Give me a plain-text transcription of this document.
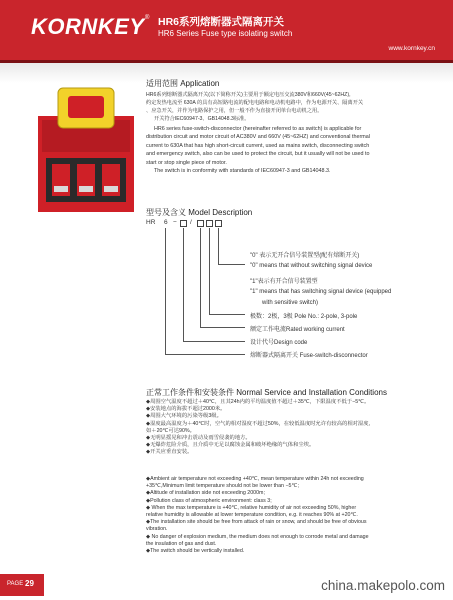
KORNKEY ® HR6系列熔断器式隔离开关
HR6 Series Fuse type isolating switch
www.kornkey.cn
适用范围 Application
HR6系列熔断器式隔离开关(以下简称开关)主要用于额定电压交流380V和660V(45~62HZ),
约定发热电流至 630A 的具有高短路电流的配电电路和电动机电路中，作为电源开关、隔离开关
、应急开关，并作为电路保护之用，但一般不作为直接开闭单台电动机之用。
开关符合IEC60947-3、GB14048.3标准。
HR6 series fuse-switch-disconnector (hereinafter referred to as switch) is applicable for
distribution circuit and motor circuit of AC380V and 660V (45~62HZ) and conventional thermal
current to 630A that has high short-circuit current, used as mains switch, disconnecting switch
and emergency switch, also can be used to protect the circuit, but it usually will not be used to
start or stop single piece of motor.
The switch is in conformity with standards of IEC60947-3 and GB14048.3.
型号及含义 Model Description
HR 6 − /
"0" 表示无开合信号装置型(配有熔断开关)
"0" means that without switching signal device
"1"表示有开合信号装置型
"1" means that has switching signal device (equipped
with sensitive switch)
极数：2极，3极 Pole No.: 2-pole, 3-pole
额定工作电流Rated working current
设计代号Design code
熔断器式隔离开关 Fuse-switch-disconnector
正常工作条件和安装条件 Normal Service and Installation Conditions
◆周围空气温度不超过＋40℃，且其24h内的平均温度值不超过＋35℃，下限温度不低于−5℃。
◆安装地点的海拔不超过2000米。
◆周围大气环境的污染等级3级。
◆湿度最高温度为＋40℃时，空气的相对湿度不超过50%，在较低温度时允许有较高的相对湿度,
如＋20℃可达90%。
◆无明显摇晃和冲击震动及雨雪侵袭的地方。
◆无爆炸危险介质，且介质中无足以腐蚀金属和破坏绝缘的气体和尘埃。
◆开关应垂直安装。
◆Ambient air temperature not exceeding +40℃, mean temperature within 24h not exceeding
+35℃,Minimum limit temperature should not be lower than −5℃;
◆Altitude of installation side not exceeding 2000m;
◆Pollution class of atmospheric environment: class 3;
◆ When the max temperature is +40℃, relative humidity of air not exceeding 50%, higher
relative humidity is allowable at lower temperature condition, e.g. it reaches 90% at +20℃.
◆The installation site should be free from attack of rain or snow, and should be free of obvious
vibration.
◆ No danger of explosion medium, the medium does not enough to corrode metal and damage
the insulation of gas and dust.
◆The switch should be vertically installed.
PAGE 29	china.makepolo.com
